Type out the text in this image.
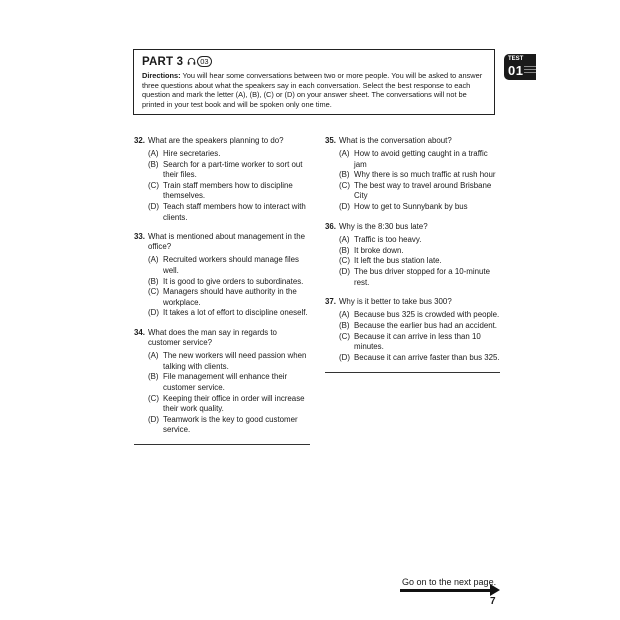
PART 3	03
Directions: You will hear some conversations between two or more people. You will be asked to answer three questions about what the speakers say in each conversation. Select the best response to each question and mark the letter (A), (B), (C) or (D) on your answer sheet. The conversations will not be printed in your test book and will be spoken only one time.
TEST
01
32. What are the speakers planning to do?
(A) Hire secretaries.
(B) Search for a part-time worker to sort out their files.
(C) Train staff members how to discipline themselves.
(D) Teach staff members how to interact with clients.
33. What is mentioned about management in the office?
(A) Recruited workers should manage files well.
(B) It is good to give orders to subordinates.
(C) Managers should have authority in the workplace.
(D) It takes a lot of effort to discipline oneself.
34. What does the man say in regards to customer service?
(A) The new workers will need passion when talking with clients.
(B) File management will enhance their customer service.
(C) Keeping their office in order will increase their work quality.
(D) Teamwork is the key to good customer service.
35. What is the conversation about?
(A) How to avoid getting caught in a traffic jam
(B) Why there is so much traffic at rush hour
(C) The best way to travel around Brisbane City
(D) How to get to Sunnybank by bus
36. Why is the 8:30 bus late?
(A) Traffic is too heavy.
(B) It broke down.
(C) It left the bus station late.
(D) The bus driver stopped for a 10-minute rest.
37. Why is it better to take bus 300?
(A) Because bus 325 is crowded with people.
(B) Because the earlier bus had an accident.
(C) Because it can arrive in less than 10 minutes.
(D) Because it can arrive faster than bus 325.
Go on to the next page.
7
